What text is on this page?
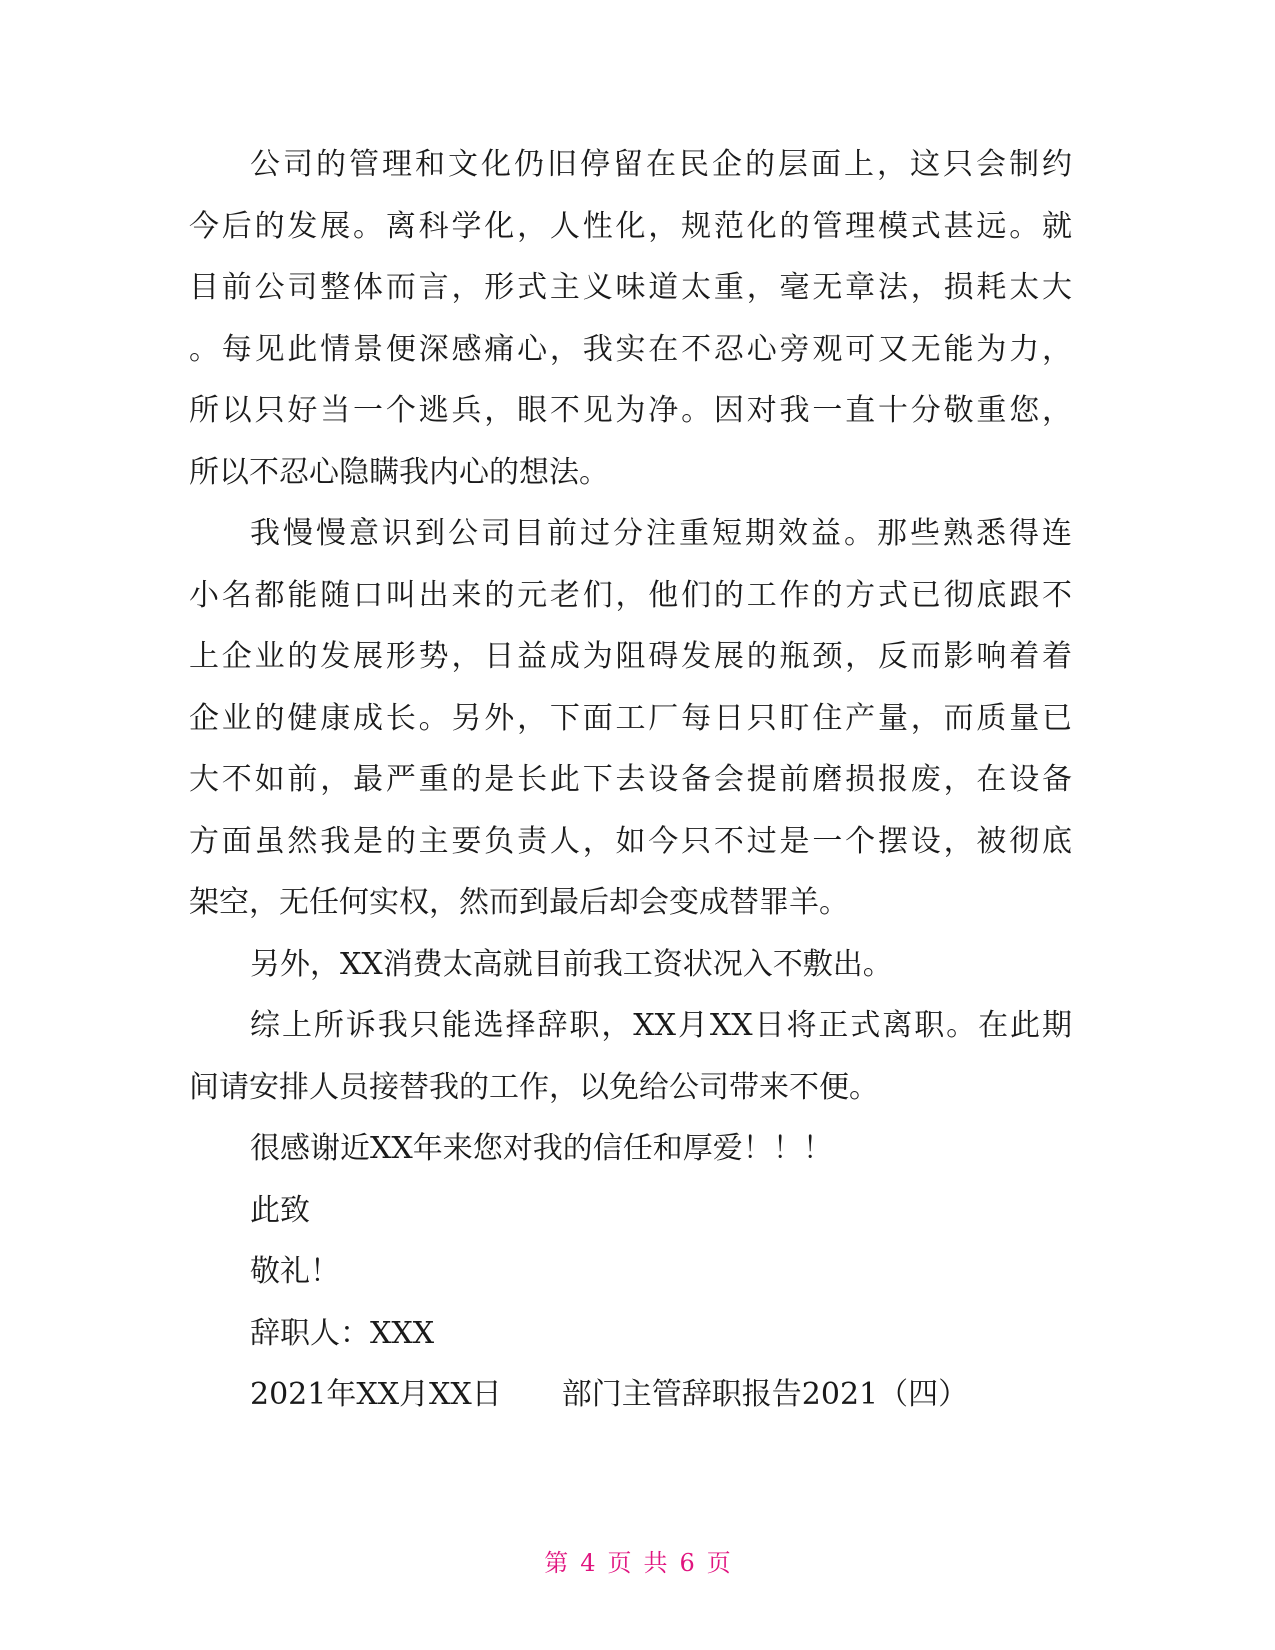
公司的管理和文化仍旧停留在民企的层面上，这只会制约
今后的发展。离科学化，人性化，规范化的管理模式甚远。就
目前公司整体而言，形式主义味道太重，毫无章法，损耗太大
。每见此情景便深感痛心，我实在不忍心旁观可又无能为力，
所以只好当一个逃兵，眼不见为净。因对我一直十分敬重您，
所以不忍心隐瞒我内心的想法。
我慢慢意识到公司目前过分注重短期效益。那些熟悉得连
小名都能随口叫出来的元老们，他们的工作的方式已彻底跟不
上企业的发展形势，日益成为阻碍发展的瓶颈，反而影响着着
企业的健康成长。另外，下面工厂每日只盯住产量，而质量已
大不如前，最严重的是长此下去设备会提前磨损报废，在设备
方面虽然我是的主要负责人，如今只不过是一个摆设，被彻底
架空，无任何实权，然而到最后却会变成替罪羊。
另外，XX消费太高就目前我工资状况入不敷出。
综上所诉我只能选择辞职，XX月XX日将正式离职。在此期
间请安排人员接替我的工作，以免给公司带来不便。
很感谢近XX年来您对我的信任和厚爱！！！
此致
敬礼！
辞职人：XXX
2021年XX月XX日　　部门主管辞职报告2021（四）
第 4 页 共 6 页
